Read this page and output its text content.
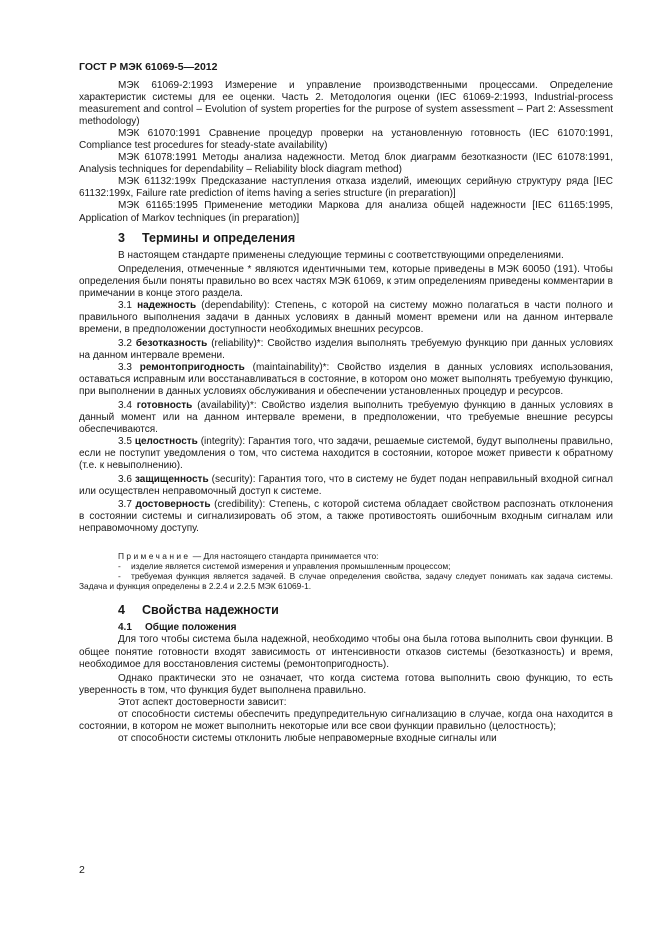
ГОСТ Р МЭК 61069-5—2012

МЭК 61069-2:1993 Измерение и управление производственными процессами. Определение характеристик системы для ее оценки. Часть 2. Методология оценки (IEC 61069-2:1993, Industrial-process measurement and control – Evolution of system properties for the purpose of system assessment – Part 2: Assessment methodology)

МЭК 61070:1991 Сравнение процедур проверки на установленную готовность (IEC 61070:1991, Compliance test procedures for steady-state availability)

МЭК 61078:1991 Методы анализа надежности. Метод блок диаграмм безотказности (IEC 61078:1991, Analysis techniques for dependability – Reliability block diagram method)

МЭК 61132:199x Предсказание наступления отказа изделий, имеющих серийную структуру ряда [IEC 61132:199x, Failure rate prediction of items having a series structure (in preparation)]

МЭК 61165:1995 Применение методики Маркова для анализа общей надежности [IEC 61165:1995, Application of Markov techniques (in preparation)]

3 Термины и определения

В настоящем стандарте применены следующие термины с соответствующими определениями.

Определения, отмеченные * являются идентичными тем, которые приведены в МЭК 60050 (191). Чтобы определения были поняты правильно во всех частях МЭК 61069, к этим определениям приведены комментарии в примечании в конце этого раздела.

3.1 надежность (dependability): Степень, с которой на систему можно полагаться в части полного и правильного выполнения задачи в данных условиях в данный момент времени или на данном интервале времени, в предположении доступности необходимых внешних ресурсов.

3.2 безотказность (reliability)*: Свойство изделия выполнять требуемую функцию при данных условиях на данном интервале времени.

3.3 ремонтопригодность (maintainability)*: Свойство изделия в данных условиях использования, оставаться исправным или восстанавливаться в состояние, в котором оно может выполнять требуемую функцию, при выполнении в данных условиях обслуживания и обеспечении установленных процедур и ресурсов.

3.4 готовность (availability)*: Свойство изделия выполнить требуемую функцию в данных условиях в данный момент или на данном интервале времени, в предположении, что требуемые внешние ресурсы обеспечиваются.

3.5 целостность (integrity): Гарантия того, что задачи, решаемые системой, будут выполнены правильно, если не поступит уведомления о том, что система находится в состоянии, которое может привести к обратному (т.е. к невыполнению).

3.6 защищенность (security): Гарантия того, что в систему не будет подан неправильный входной сигнал или осуществлен неправомочный доступ к системе.

3.7 достоверность (credibility): Степень, с которой система обладает свойством распознать отклонения в состоянии системы и сигнализировать об этом, а также противостоять ошибочным входным сигналам или неправомочному доступу.

Примечание — Для настоящего стандарта принимается что:

-	изделие является системой измерения и управления промышленным процессом;

- требуемая функция является задачей. В случае определения свойства, задачу следует понимать как задача системы. Задача и функция определены в 2.2.4 и 2.2.5 МЭК 61069-1.

4 Свойства надежности
4.1 Общие положения

Для того чтобы система была надежной, необходимо чтобы она была готова выполнить свои функции. В общее понятие готовности входят зависимость от интенсивности отказов системы (безотказность) и время, необходимое для восстановления системы (ремонтопригодность).

Однако практически это не означает, что когда система готова выполнить свою функцию, то есть уверенность в том, что функция будет выполнена правильно.

Этот аспект достоверности зависит:

от способности системы обеспечить предупредительную сигнализацию в случае, когда она находится в состоянии, в котором не может выполнить некоторые или все свои функции правильно (целостность);

от способности системы отклонить любые неправомерные входные сигналы или

2
